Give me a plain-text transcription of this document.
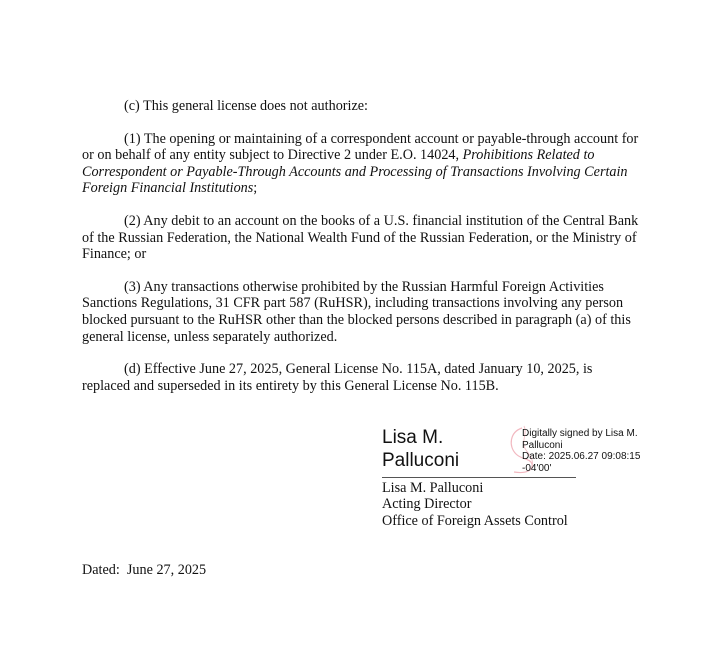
(c) This general license does not authorize:

(1) The opening or maintaining of a correspondent account or payable-through account for or on behalf of any entity subject to Directive 2 under E.O. 14024, Prohibitions Related to Correspondent or Payable-Through Accounts and Processing of Transactions Involving Certain Foreign Financial Institutions;

(2) Any debit to an account on the books of a U.S. financial institution of the Central Bank of the Russian Federation, the National Wealth Fund of the Russian Federation, or the Ministry of Finance; or

(3) Any transactions otherwise prohibited by the Russian Harmful Foreign Activities Sanctions Regulations, 31 CFR part 587 (RuHSR), including transactions involving any person blocked pursuant to the RuHSR other than the blocked persons described in paragraph (a) of this general license, unless separately authorized.

(d) Effective June 27, 2025, General License No. 115A, dated January 10, 2025, is replaced and superseded in its entirety by this General License No. 115B.

Lisa M.
Palluconi
Digitally signed by Lisa M.
Palluconi
Date: 2025.06.27 09:08:15
-04'00'
Lisa M. Palluconi
Acting Director
Office of Foreign Assets Control
Dated:  June 27, 2025
